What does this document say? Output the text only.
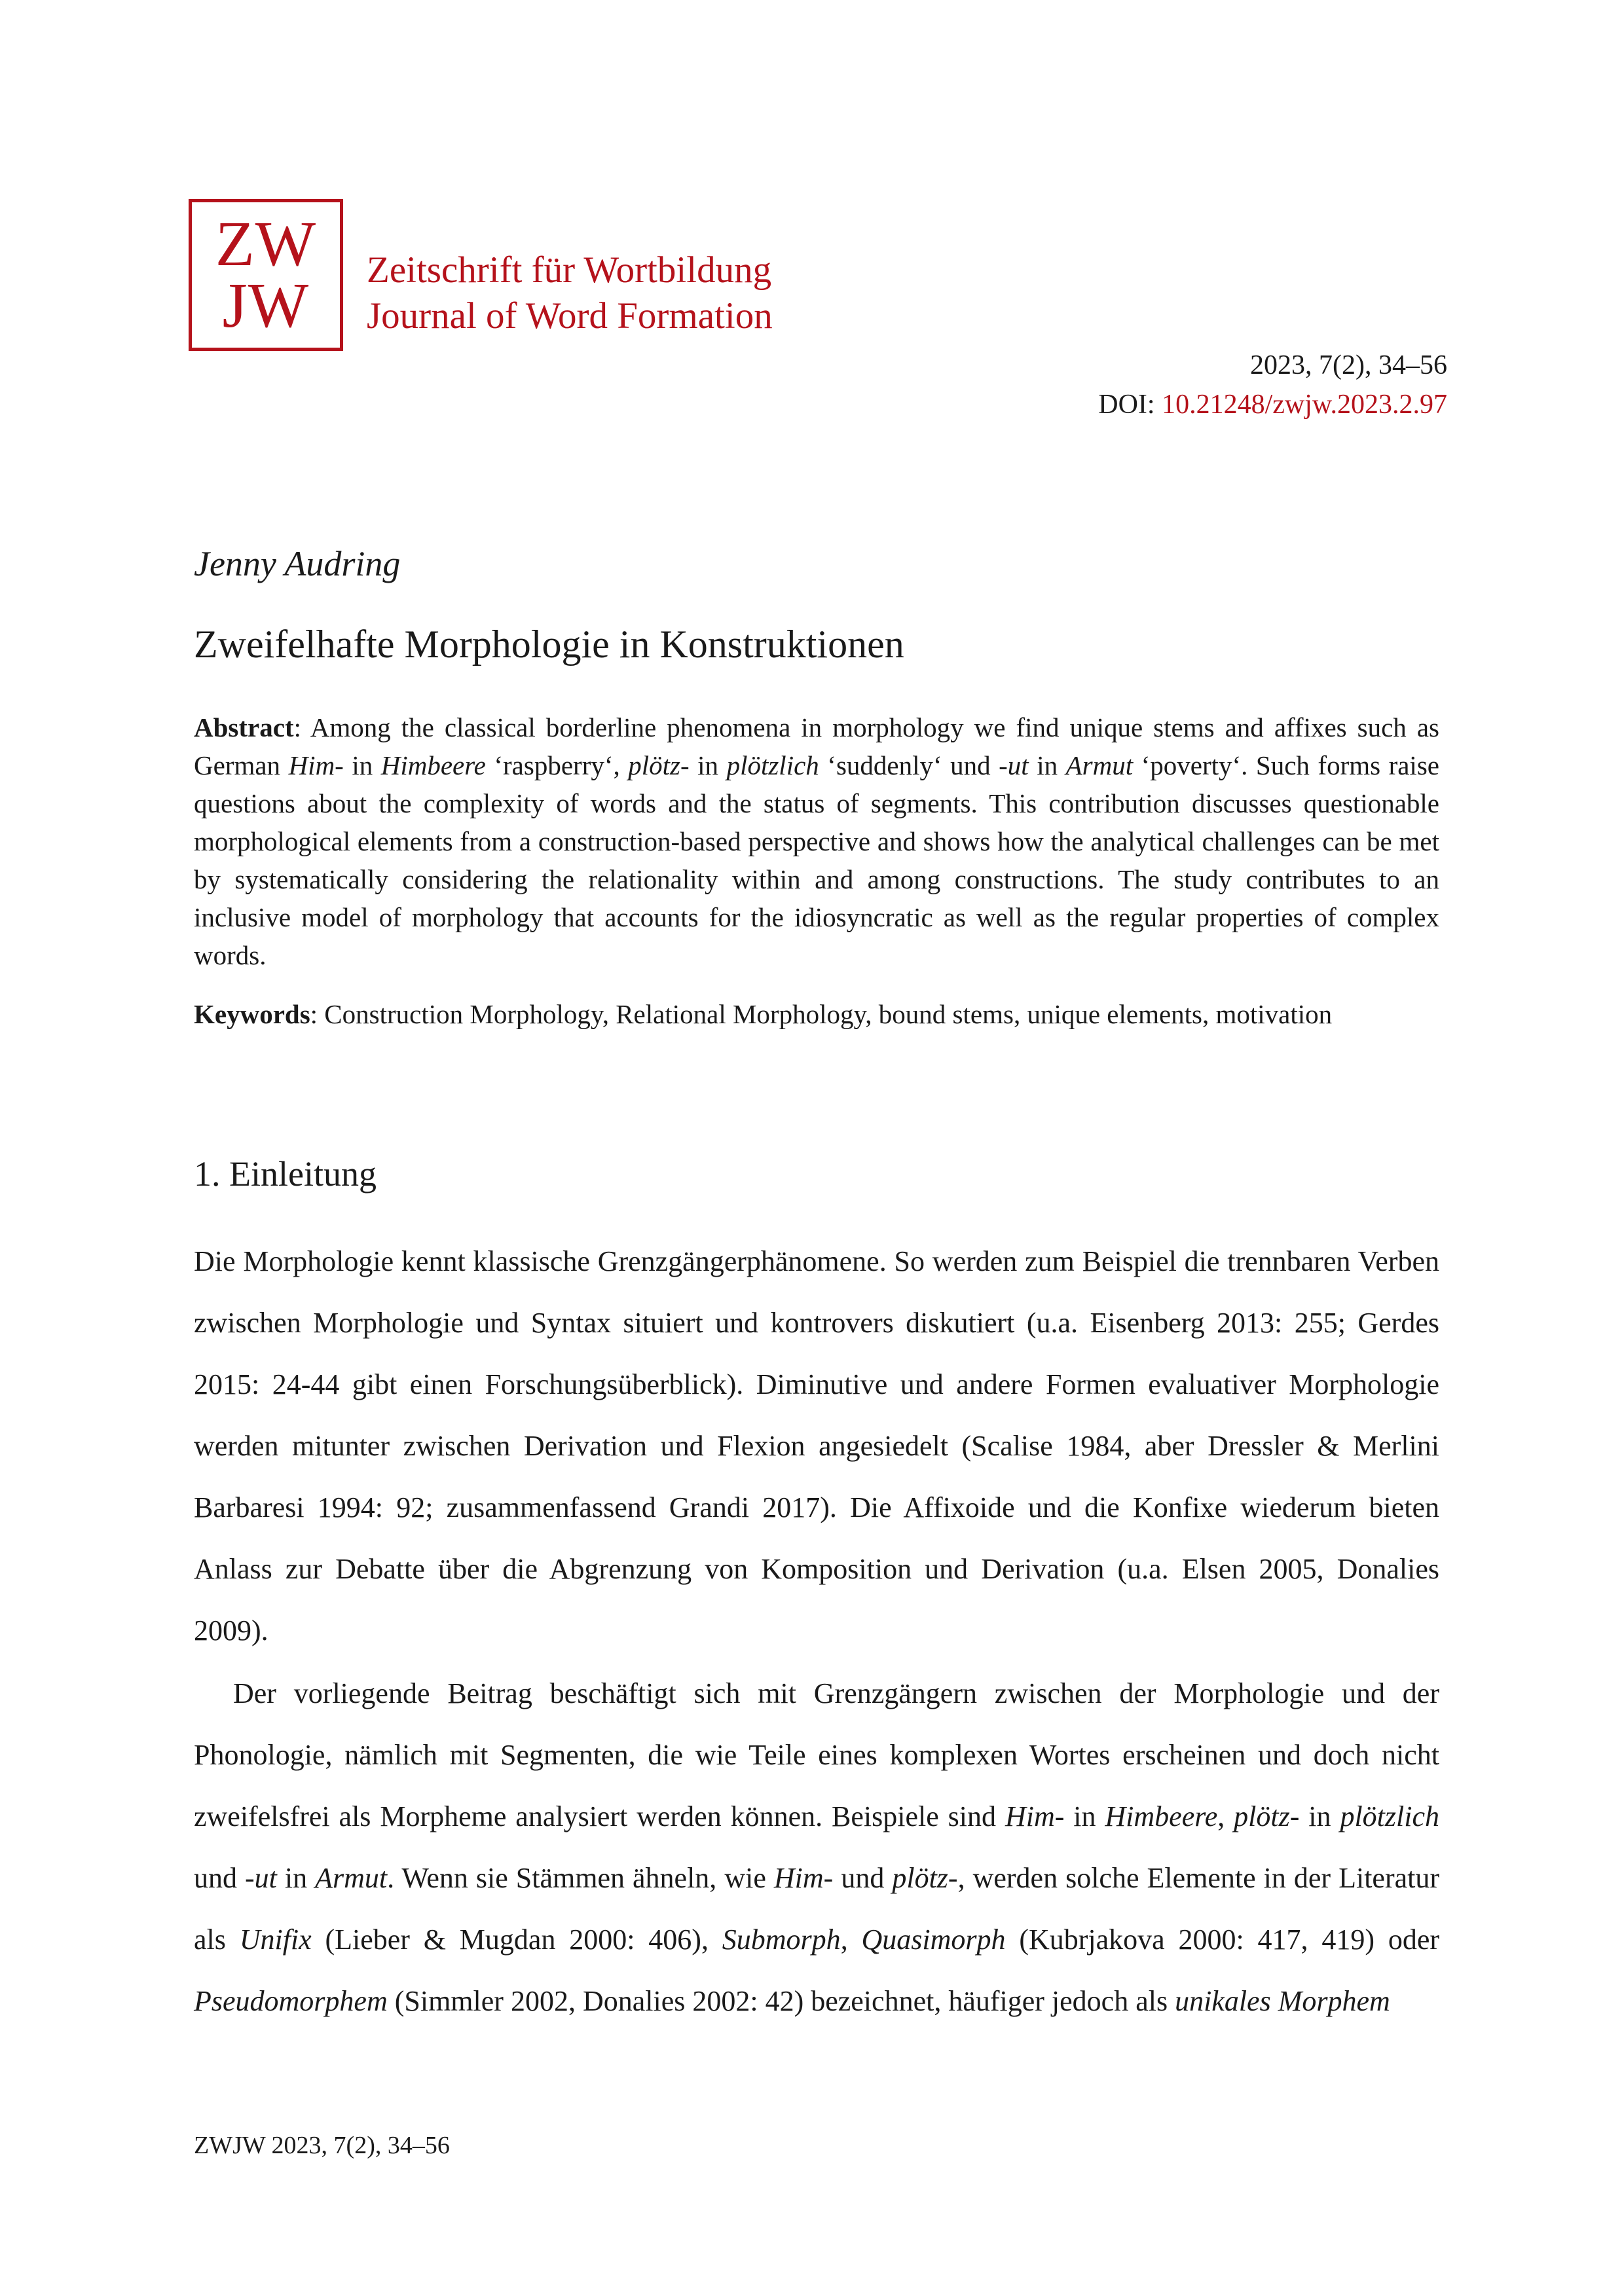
ZW
JW
Zeitschrift für Wortbildung
Journal of Word Formation
2023, 7(2), 34–56
DOI: 10.21248/zwjw.2023.2.97
Jenny Audring
Zweifelhafte Morphologie in Konstruktionen
Abstract: Among the classical borderline phenomena in morphology we find unique stems and affixes such as German Him- in Himbeere ‘raspberry‘, plötz- in plötzlich ‘suddenly‘ und -ut in Armut ‘poverty‘. Such forms raise questions about the complexity of words and the status of segments. This contribution discusses questionable morphological elements from a construction-based perspective and shows how the analytical challenges can be met by systematically considering the relationality within and among constructions. The study contributes to an inclusive model of morphology that accounts for the idiosyncratic as well as the regular properties of complex words.
Keywords: Construction Morphology, Relational Morphology, bound stems, unique elements, motivation
1. Einleitung

Die Morphologie kennt klassische Grenzgängerphänomene. So werden zum Beispiel die trennbaren Verben zwischen Morphologie und Syntax situiert und kontrovers diskutiert (u.a. Eisenberg 2013: 255; Gerdes 2015: 24-44 gibt einen Forschungsüberblick). Diminutive und andere Formen evaluativer Morphologie werden mitunter zwischen Derivation und Flexion angesiedelt (Scalise 1984, aber Dressler & Merlini Barbaresi 1994: 92; zusammenfassend Grandi 2017). Die Affixoide und die Konfixe wiederum bieten Anlass zur Debatte über die Abgrenzung von Komposition und Derivation (u.a. Elsen 2005, Donalies 2009).

Der vorliegende Beitrag beschäftigt sich mit Grenzgängern zwischen der Morphologie und der Phonologie, nämlich mit Segmenten, die wie Teile eines komplexen Wortes erscheinen und doch nicht zweifelsfrei als Morpheme analysiert werden können. Beispiele sind Him- in Himbeere, plötz- in plötzlich und -ut in Armut. Wenn sie Stämmen ähneln, wie Him- und plötz-, werden solche Elemente in der Literatur als Unifix (Lieber & Mugdan 2000: 406), Submorph, Quasimorph (Kubrjakova 2000: 417, 419) oder Pseudomorphem (Simmler 2002, Donalies 2002: 42) bezeichnet, häufiger jedoch als unikales Morphem

ZWJW 2023, 7(2), 34–56
